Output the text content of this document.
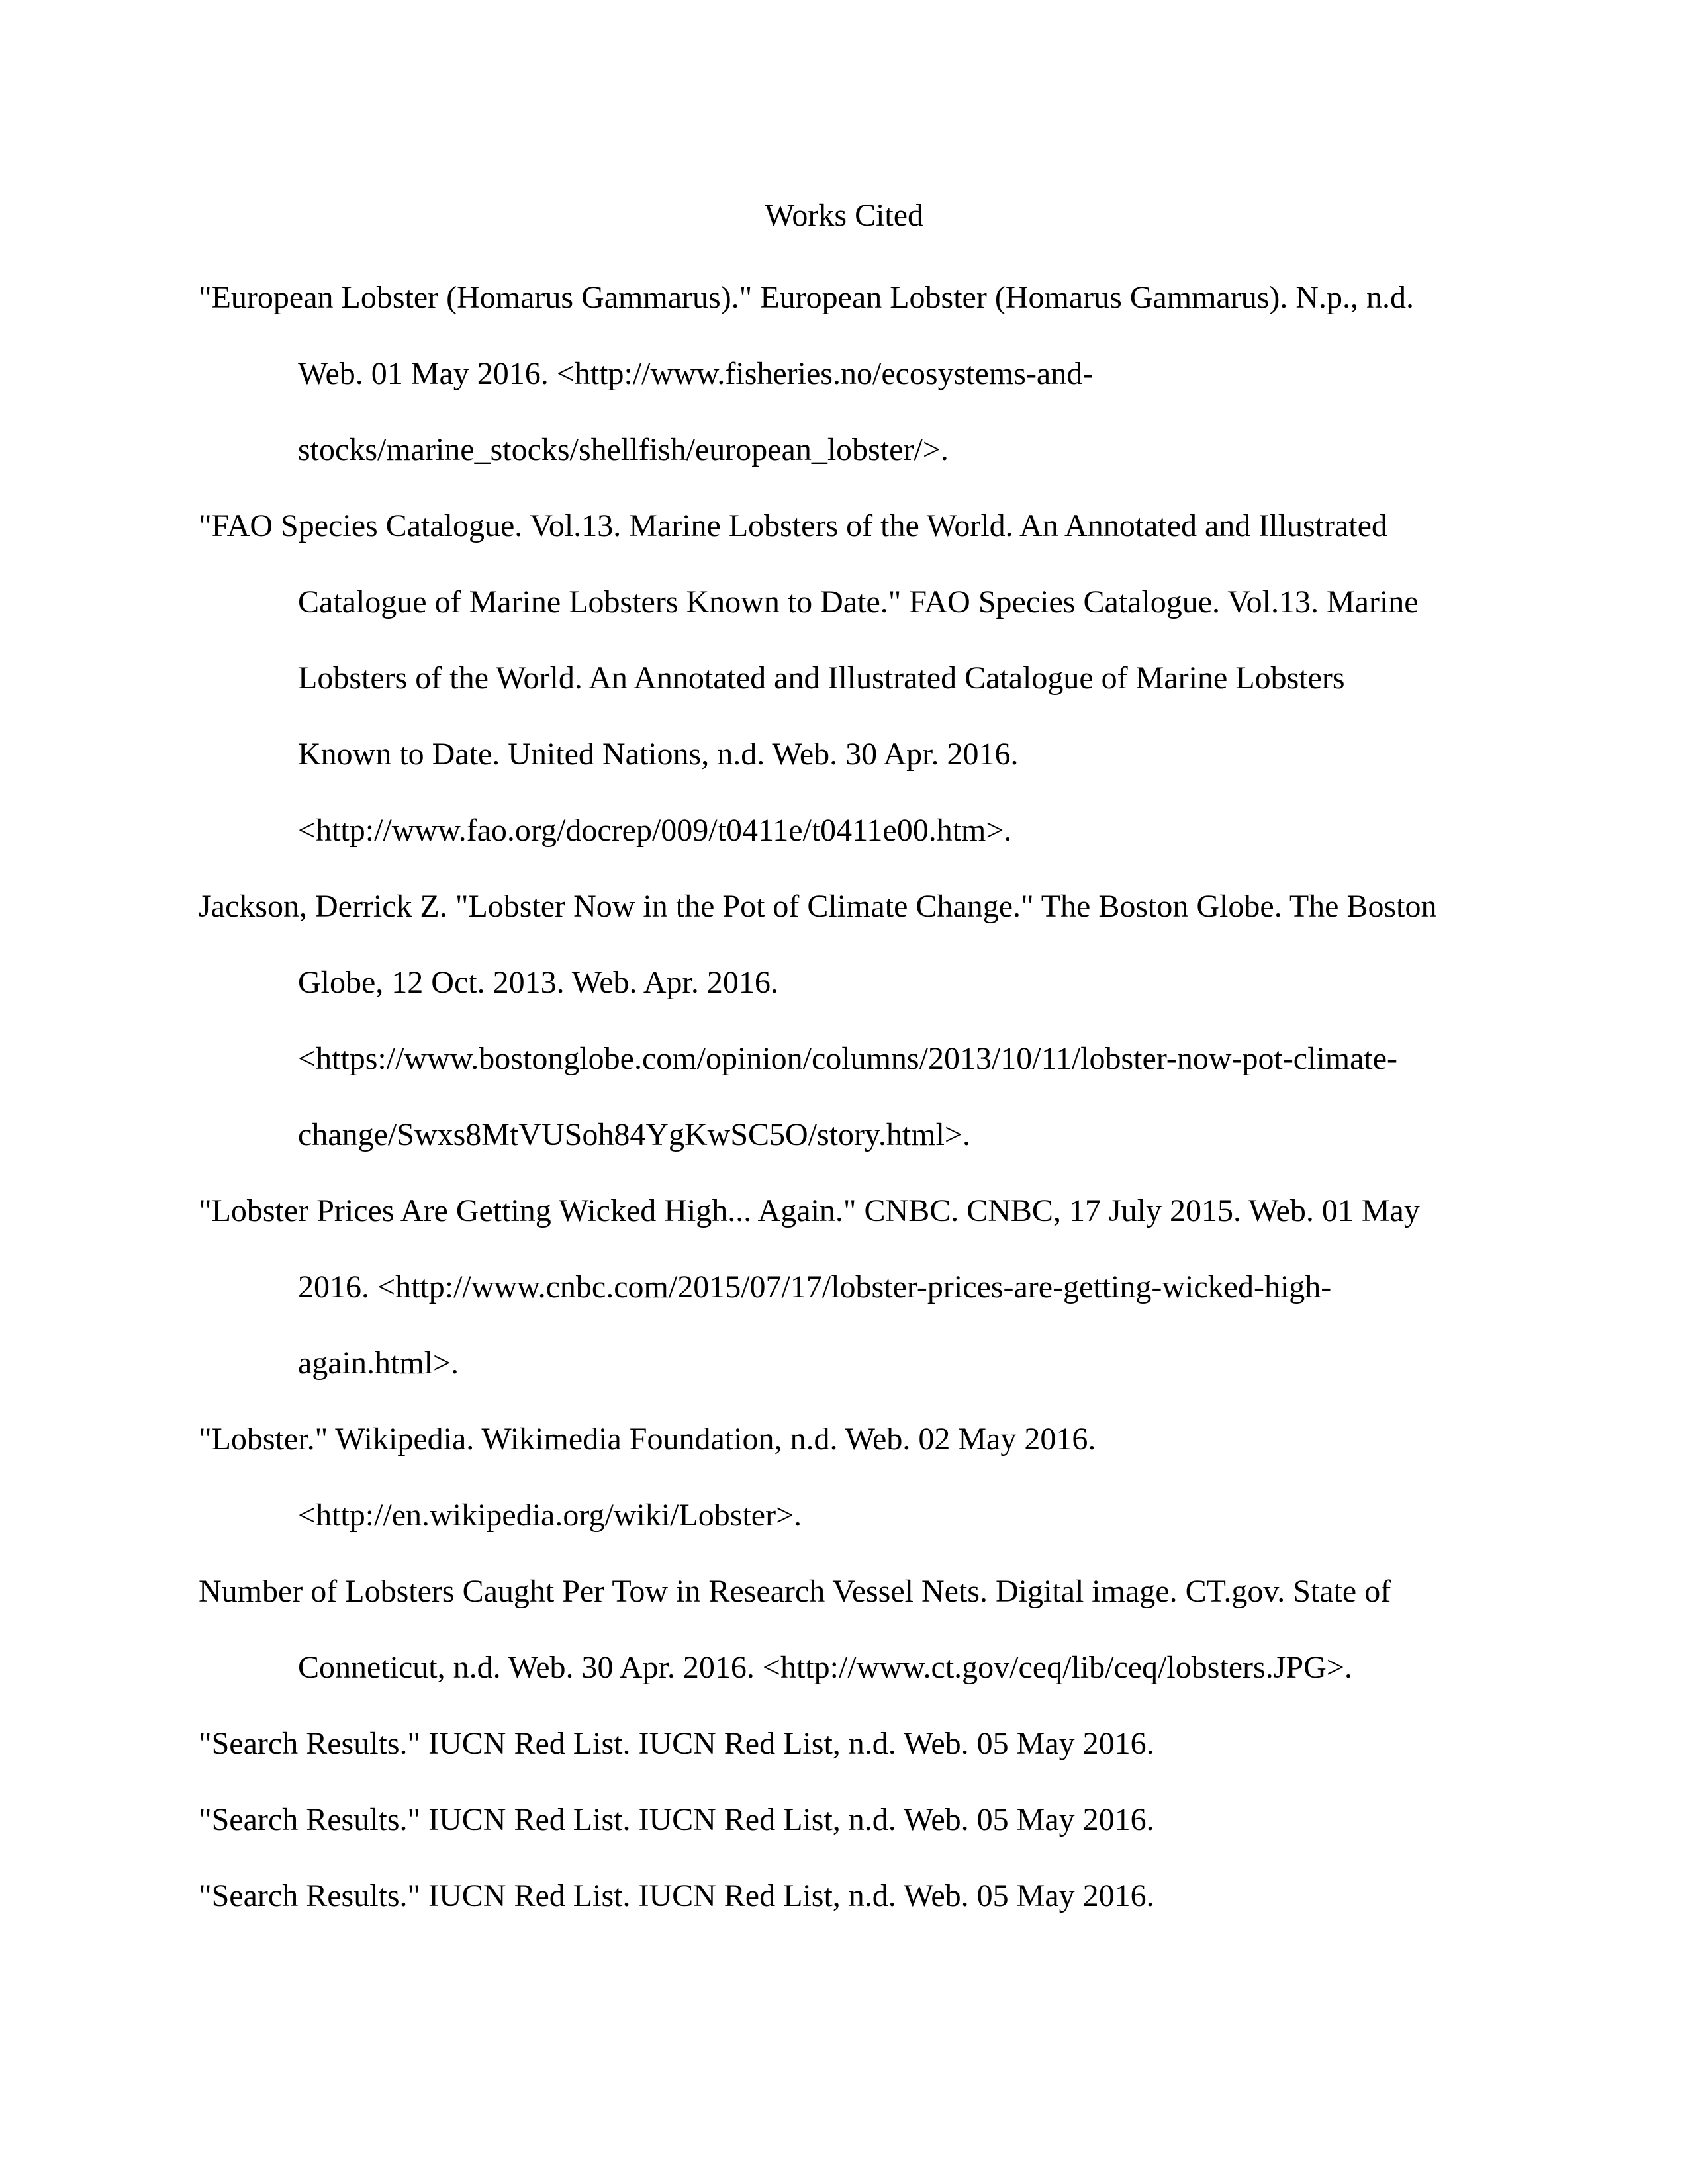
Works Cited
"European Lobster (Homarus Gammarus)." European Lobster (Homarus Gammarus). N.p., n.d.
Web. 01 May 2016. <http://www.fisheries.no/ecosystems-and-
stocks/marine_stocks/shellfish/european_lobster/>.
"FAO Species Catalogue. Vol.13. Marine Lobsters of the World. An Annotated and Illustrated
Catalogue of Marine Lobsters Known to Date." FAO Species Catalogue. Vol.13. Marine
Lobsters of the World. An Annotated and Illustrated Catalogue of Marine Lobsters
Known to Date. United Nations, n.d. Web. 30 Apr. 2016.
<http://www.fao.org/docrep/009/t0411e/t0411e00.htm>.
Jackson, Derrick Z. "Lobster Now in the Pot of Climate Change." The Boston Globe. The Boston
Globe, 12 Oct. 2013. Web. Apr. 2016.
<https://www.bostonglobe.com/opinion/columns/2013/10/11/lobster-now-pot-climate-
change/Swxs8MtVUSoh84YgKwSC5O/story.html>.
"Lobster Prices Are Getting Wicked High... Again." CNBC. CNBC, 17 July 2015. Web. 01 May
2016. <http://www.cnbc.com/2015/07/17/lobster-prices-are-getting-wicked-high-
again.html>.
"Lobster." Wikipedia. Wikimedia Foundation, n.d. Web. 02 May 2016.
<http://en.wikipedia.org/wiki/Lobster>.
Number of Lobsters Caught Per Tow in Research Vessel Nets. Digital image. CT.gov. State of
Conneticut, n.d. Web. 30 Apr. 2016. <http://www.ct.gov/ceq/lib/ceq/lobsters.JPG>.
"Search Results." IUCN Red List. IUCN Red List, n.d. Web. 05 May 2016.
"Search Results." IUCN Red List. IUCN Red List, n.d. Web. 05 May 2016.
"Search Results." IUCN Red List. IUCN Red List, n.d. Web. 05 May 2016.
